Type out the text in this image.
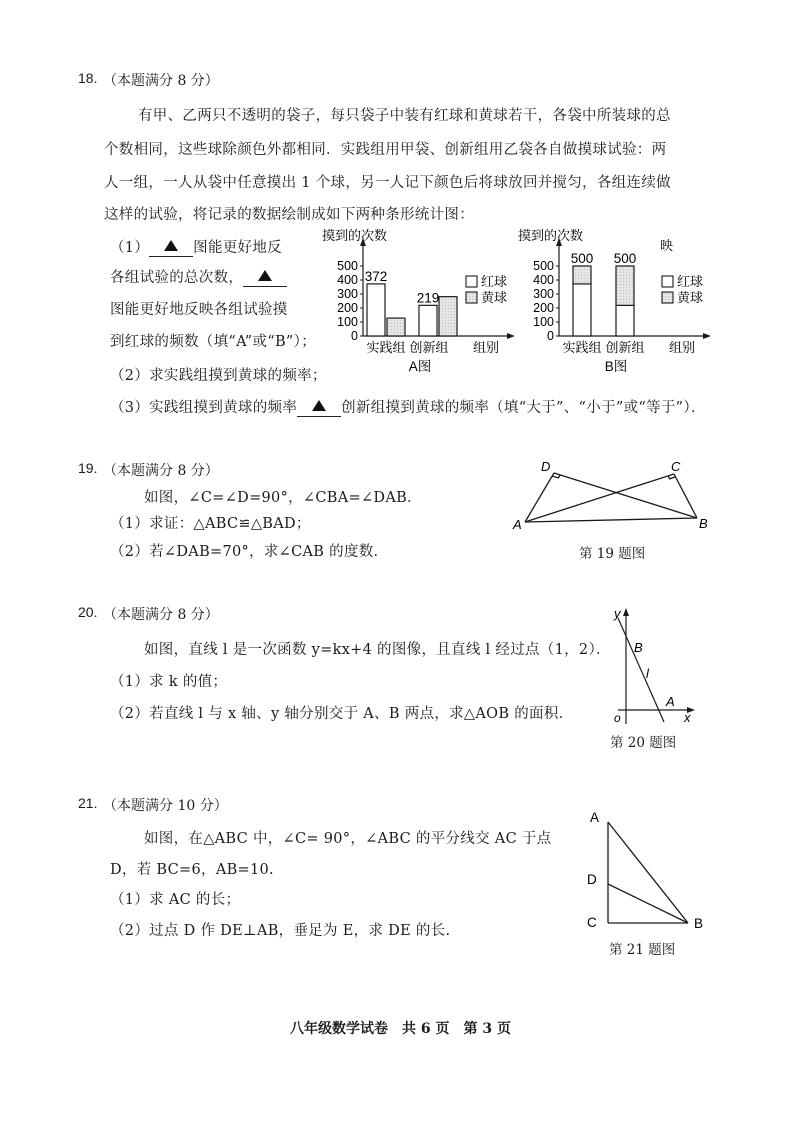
18. （本题满分 8 分）
有甲、乙两只不透明的袋子，每只袋子中装有红球和黄球若干，各袋中所装球的总
个数相同，这些球除颜色外都相同．实践组用甲袋、创新组用乙袋各自做摸球试验：两
人一组，一人从袋中任意摸出 1 个球，另一人记下颜色后将球放回并搅匀，各组连续做
这样的试验，将记录的数据绘制成如下两种条形统计图：
（1）	图能更好地反
各组试验的总次数，
图能更好地反映各组试验摸
到红球的频数（填“A”或“B”）；
（2）求实践组摸到黄球的频率；
（3）实践组摸到黄球的频率	创新组摸到黄球的频率（填“大于”、“小于”或“等于”）．
摸到的次数
组别
0
100
200
300
400
500
实践组 创新组
372
219
红球
黄球
A图
摸到的次数
组别
0
100
200
300
400
500
实践组 创新组
500 500
红球
黄球
映
B图
19. （本题满分 8 分）
如图，∠C=∠D=90°，∠CBA=∠DAB．
（1）求证：△ABC≌△BAD；
（2）若∠DAB=70°，求∠CAB 的度数．
D	C
A	B
第 19 题图
20. （本题满分 8 分）
如图，直线 l 是一次函数 y=kx+4 的图像，且直线 l 经过点（1，2）．
（1）求 k 的值；
（2）若直线 l 与 x 轴、y 轴分别交于 A、B 两点，求△AOB 的面积．
y
x
o
B
A
l
第 20 题图
21. （本题满分 10 分）
如图，在△ABC 中，∠C= 90°，∠ABC 的平分线交 AC 于点
D，若 BC=6，AB=10.
（1）求 AC 的长；
（2）过点 D 作 DE⊥AB，垂足为 E，求 DE 的长.
A
D
C	B
第 21 题图
八年级数学试卷　共 6 页　第 3 页
